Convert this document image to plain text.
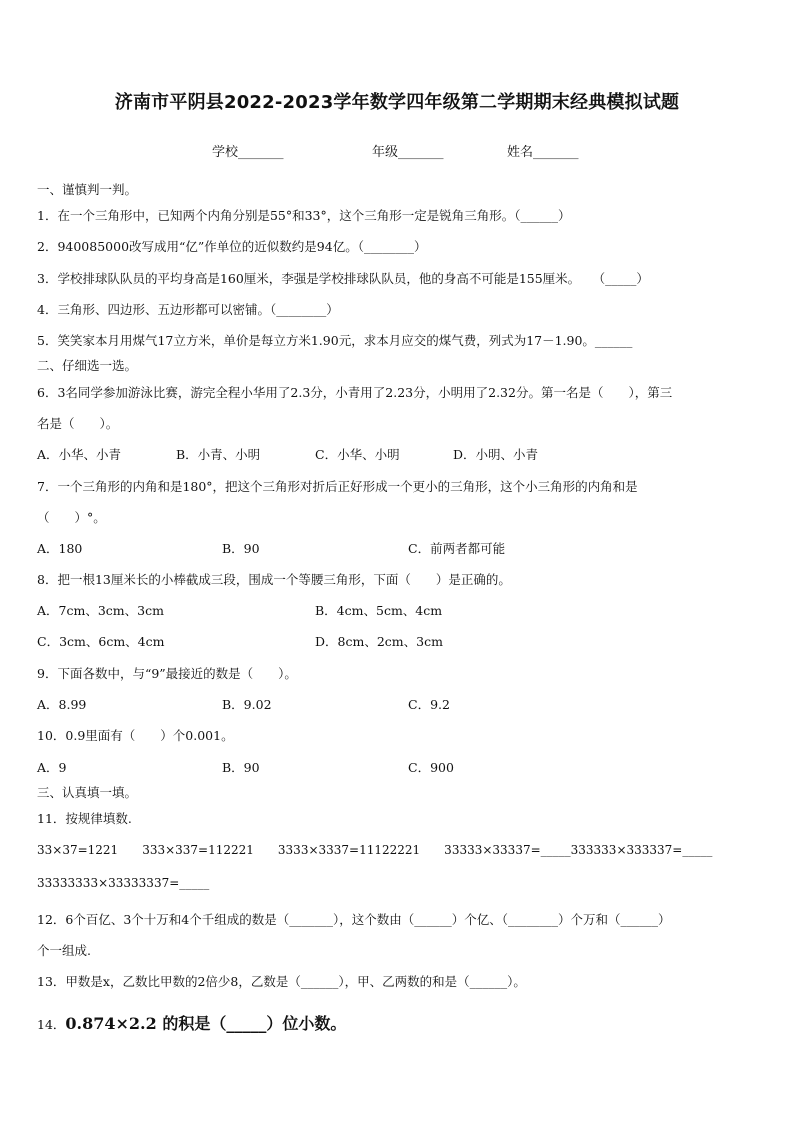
济南市平阴县2022-2023学年数学四年级第二学期期末经典模拟试题
学校_______	年级_______	姓名_______
一、谨慎判一判。
1．在一个三角形中，已知两个内角分别是55°和33°，这个三角形一定是锐角三角形。（______）
2．940085000改写成用“亿”作单位的近似数约是94亿。（________）
3．学校排球队队员的平均身高是160厘米，李强是学校排球队队员，他的身高不可能是155厘米。　　（_____）
4．三角形、四边形、五边形都可以密铺。（________）
5．笑笑家本月用煤气17立方米，单价是每立方米1.90元，求本月应交的煤气费，列式为17－1.90。______
二、仔细选一选。
6．3名同学参加游泳比赛，游完全程小华用了2.3分，小青用了2.23分，小明用了2.32分。第一名是（　　），第三
名是（　　）。
A．小华、小青	B．小青、小明	C．小华、小明	D．小明、小青
7．一个三角形的内角和是180°，把这个三角形对折后正好形成一个更小的三角形，这个小三角形的内角和是
（　　）°。
A．180	B．90	C．前两者都可能
8．把一根13厘米长的小棒截成三段，围成一个等腰三角形，下面（　　）是正确的。
A．7cm、3cm、3cm	B．4cm、5cm、4cm
C．3cm、6cm、4cm	D．8cm、2cm、3cm
9．下面各数中，与“9”最接近的数是（　　）。
A．8.99	B．9.02	C．9.2
10．0.9里面有（　　）个0.001。
A．9	B．90	C．900
三、认真填一填。
11．按规律填数.
33×37=1221　　333×337=112221　　3333×3337=11122221　　33333×33337=_____333333×333337=_____
33333333×33333337=_____
12．6个百亿、3个十万和4个千组成的数是（_______），这个数由（______）个亿、（________）个万和（______）
个一组成.
13．甲数是x，乙数比甲数的2倍少8，乙数是（______），甲、乙两数的和是（______）。
14．0.874×2.2 的积是（_____）位小数。
